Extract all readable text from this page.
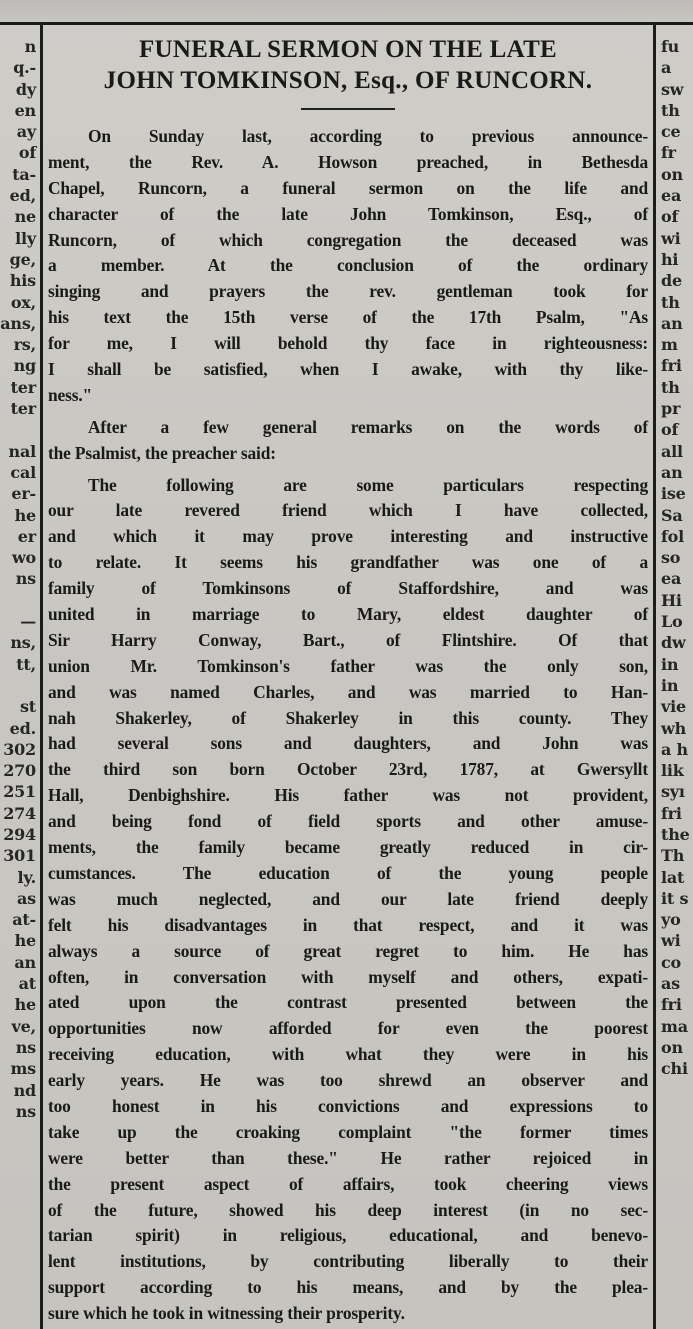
n
q.-
dy
en
ay
of
ta-
ed,
ne
lly
ge,
his
ox,
ans,
rs,
ng
ter
ter
nal
cal
er-
he
er
wo
ns
—
ns,
tt,
st
ed.
302
270
251
274
294
301
ly.
as
at-
he
an
at
he
ve,
ns
ms
nd
ns
fu
a
sw
th
ce
fr
on
ea
of
wi
hi
de
th
an
m
fri
th
pr
of
all
an
ise
Sa
fol
so
ea
Hi
Lo
dw
in
in
vie
wh
a h
lik
syı
fri
the
Th
lat
it s
yo
wi
co
as
fri
ma
on
chi
FUNERAL SERMON ON THE LATE
JOHN TOMKINSON, Esq., OF RUNCORN.
On Sunday last, according to previous announce-
ment, the Rev. A. Howson preached, in Bethesda
Chapel, Runcorn, a funeral sermon on the life and
character of the late John Tomkinson, Esq., of
Runcorn, of which congregation the deceased was
a member. At the conclusion of the ordinary
singing and prayers the rev. gentleman took for
his text the 15th verse of the 17th Psalm, "As
for me, I will behold thy face in righteousness:
I shall be satisfied, when I awake, with thy like-
ness."
After a few general remarks on the words of
the Psalmist, the preacher said:
The following are some particulars respecting
our late revered friend which I have collected,
and which it may prove interesting and instructive
to relate. It seems his grandfather was one of a
family of Tomkinsons of Staffordshire, and was
united in marriage to Mary, eldest daughter of
Sir Harry Conway, Bart., of Flintshire. Of that
union Mr. Tomkinson's father was the only son,
and was named Charles, and was married to Han-
nah Shakerley, of Shakerley in this county. They
had several sons and daughters, and John was
the third son born October 23rd, 1787, at Gwersyllt
Hall, Denbighshire. His father was not provident,
and being fond of field sports and other amuse-
ments, the family became greatly reduced in cir-
cumstances. The education of the young people
was much neglected, and our late friend deeply
felt his disadvantages in that respect, and it was
always a source of great regret to him. He has
often, in conversation with myself and others, expati-
ated upon the contrast presented between the
opportunities now afforded for even the poorest
receiving education, with what they were in his
early years. He was too shrewd an observer and
too honest in his convictions and expressions to
take up the croaking complaint "the former times
were better than these." He rather rejoiced in
the present aspect of affairs, took cheering views
of the future, showed his deep interest (in no sec-
tarian spirit) in religious, educational, and benevo-
lent institutions, by contributing liberally to their
support according to his means, and by the plea-
sure which he took in witnessing their prosperity.
